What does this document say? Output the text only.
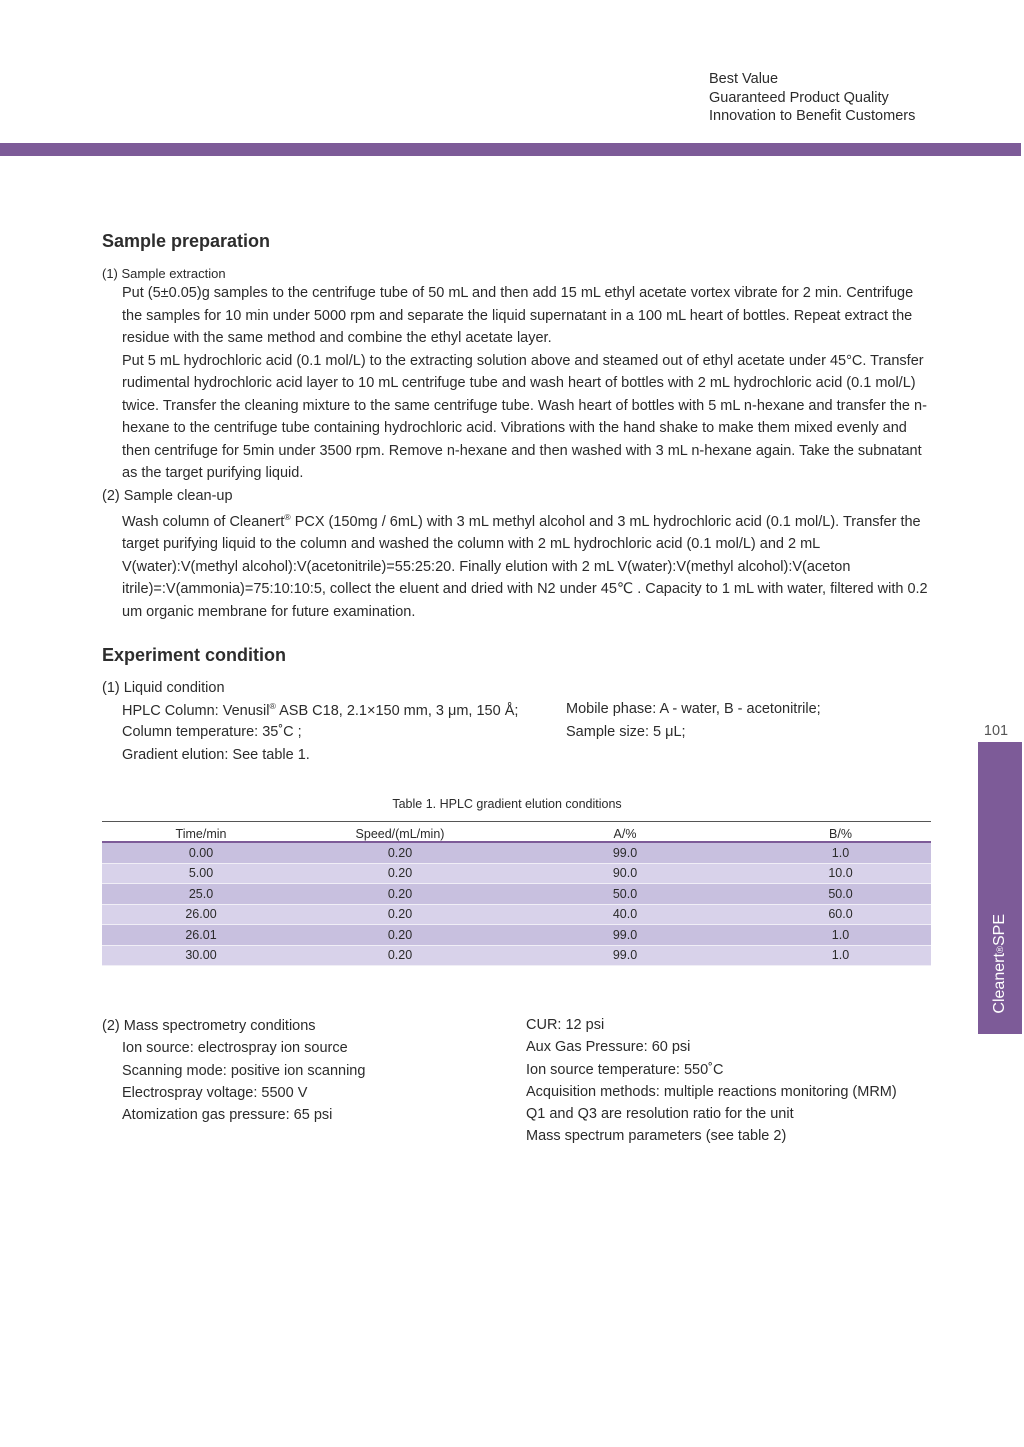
Best Value
Guaranteed Product Quality
Innovation to Benefit Customers
Sample preparation
(1) Sample extraction

Put (5±0.05)g samples to the centrifuge tube of 50 mL and then add 15 mL ethyl acetate vortex vibrate for 2 min. Centrifuge the samples for 10 min under 5000 rpm and separate the liquid supernatant in a 100 mL heart of bottles. Repeat extract the residue with the same method and combine the ethyl acetate layer.

Put 5 mL hydrochloric acid (0.1 mol/L) to the extracting solution above and steamed out of ethyl acetate under 45°C. Transfer rudimental hydrochloric acid layer to 10 mL centrifuge tube and wash heart of bottles with 2 mL hydrochloric acid (0.1 mol/L) twice. Transfer the cleaning mixture to the same centrifuge tube. Wash heart of bottles with 5 mL n-hexane and transfer the n-hexane to the centrifuge tube containing hydrochloric acid. Vibrations with the hand shake to make them mixed evenly and then centrifuge for 5min under 3500 rpm. Remove n-hexane and then washed with 3 mL n-hexane again. Take the subnatant as the target purifying liquid.

(2) Sample clean-up

Wash column of Cleanert® PCX (150mg / 6mL) with 3 mL methyl alcohol and 3 mL hydrochloric acid (0.1 mol/L). Transfer the target purifying liquid to the column and washed the column with 2 mL hydrochloric acid (0.1 mol/L) and 2 mL V(water):V(methyl alcohol):V(acetonitrile)=55:25:20. Finally elution with 2 mL V(water):V(methyl alcohol):V(aceton itrile)=:V(ammonia)=75:10:10:5, collect the eluent and dried with N2 under 45℃ . Capacity to 1 mL with water, filtered with 0.2 um organic membrane for future examination.

Experiment condition
(1) Liquid condition
HPLC Column: Venusil® ASB C18, 2.1×150 mm, 3 μm, 150 Å;
Column temperature: 35˚C ;
Gradient elution: See table 1.
Mobile phase: A - water, B - acetonitrile;
Sample size: 5 μL;
Table 1. HPLC gradient elution conditions
Time/min	Speed/(mL/min)	A/%	B/%
0.00	0.20	99.0	1.0
5.00	0.20	90.0	10.0
25.0	0.20	50.0	50.0
26.00	0.20	40.0	60.0
26.01	0.20	99.0	1.0
30.00	0.20	99.0	1.0
(2) Mass spectrometry conditions
Ion source: electrospray ion source
Scanning mode: positive ion scanning
Electrospray voltage: 5500 V
Atomization gas pressure: 65 psi
CUR: 12 psi
Aux Gas Pressure: 60 psi
Ion source temperature: 550˚C
Acquisition methods: multiple reactions monitoring (MRM)
Q1 and Q3 are resolution ratio for the unit
Mass spectrum parameters (see table 2)
101
Cleanert
®
SPE
